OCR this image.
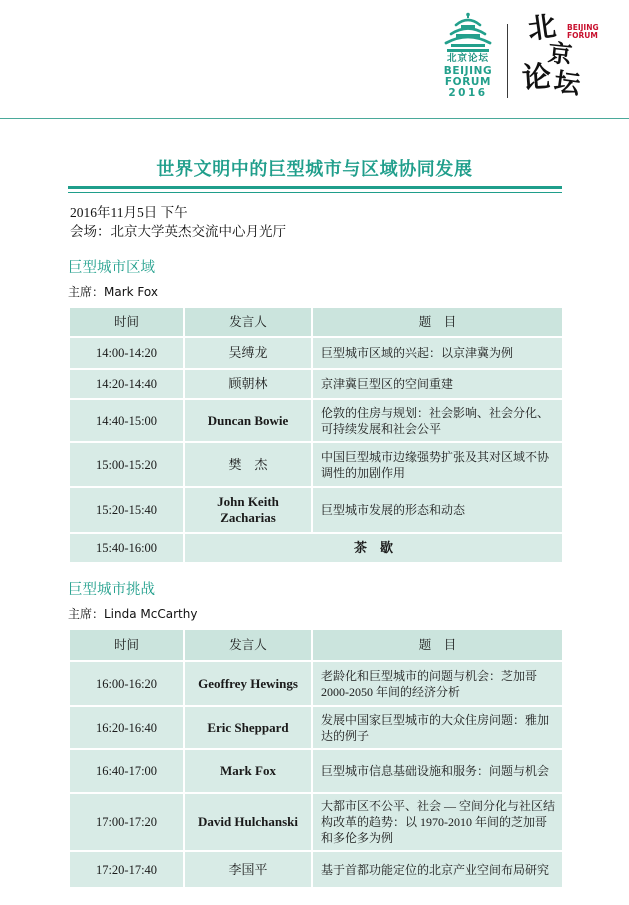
北京论坛
BEIJING
FORUM
2016
北
京
论 坛
BEIJING
FORUM
世界文明中的巨型城市与区域协同发展
2016年11月5日 下午
会场：北京大学英杰交流中心月光厅
巨型城市区域
主席：Mark Fox
时间	发言人	题　目
14:00-14:20	吴缚龙	巨型城市区域的兴起：以京津冀为例
14:20-14:40	顾朝林	京津冀巨型区的空间重建
14:40-15:00	Duncan Bowie	伦敦的住房与规划：社会影响、社会分化、可持续发展和社会公平
15:00-15:20	樊　杰	中国巨型城市边缘强势扩张及其对区域不协调性的加剧作用
15:20-15:40	John Keith Zacharias	巨型城市发展的形态和动态
15:40-16:00	茶　歇	
巨型城市挑战
主席：Linda McCarthy
时间	发言人	题　目
16:00-16:20	Geoffrey Hewings	老龄化和巨型城市的问题与机会：芝加哥 2000-2050 年间的经济分析
16:20-16:40	Eric Sheppard	发展中国家巨型城市的大众住房问题：雅加达的例子
16:40-17:00	Mark Fox	巨型城市信息基础设施和服务：问题与机会
17:00-17:20	David Hulchanski	大都市区不公平、社会 — 空间分化与社区结构改革的趋势：以 1970-2010 年间的芝加哥和多伦多为例
17:20-17:40	李国平	基于首都功能定位的北京产业空间布局研究
